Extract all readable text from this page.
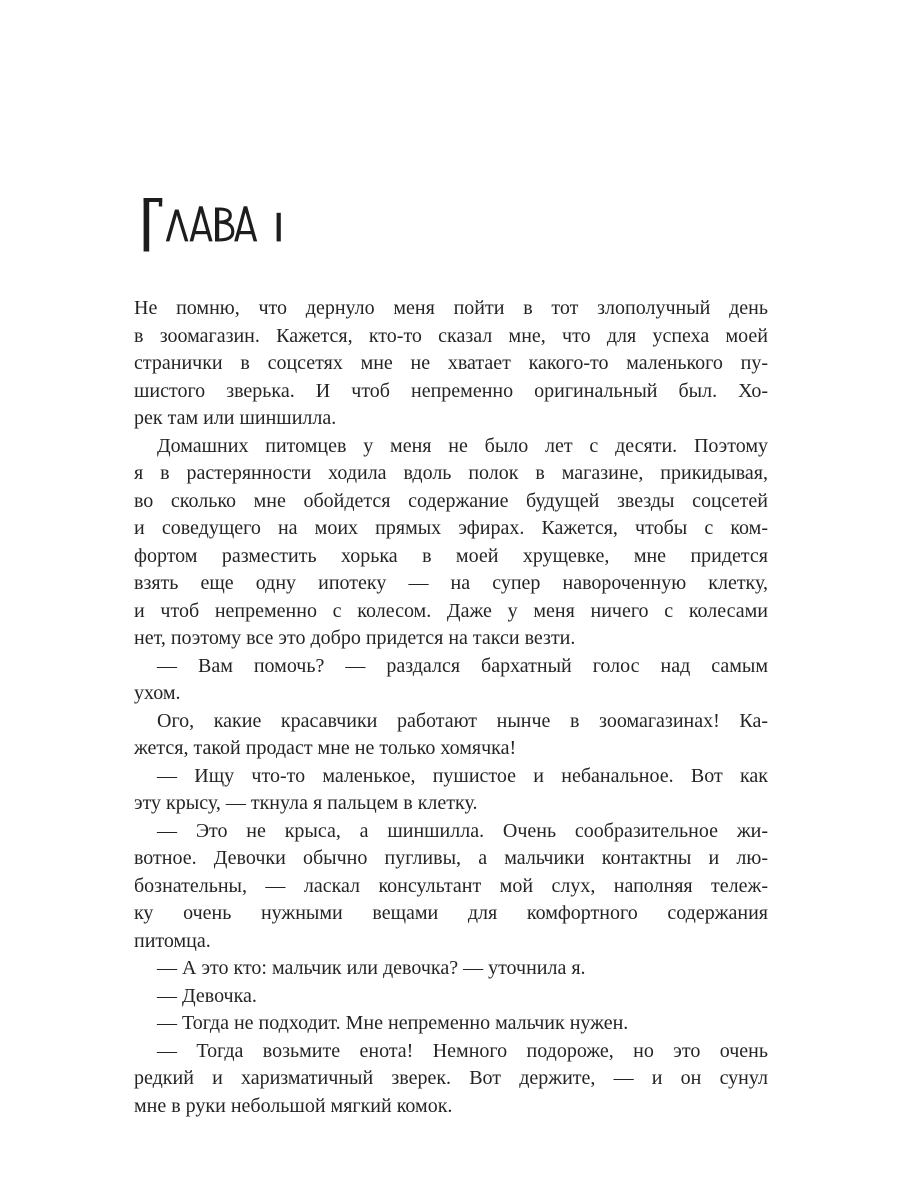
Не помню, что дернуло меня пойти в тот злополучный день
в зоомагазин. Кажется, кто-то сказал мне, что для успеха моей
странички в соцсетях мне не хватает какого-то маленького пу-
шистого зверька. И чтоб непременно оригинальный был. Хо-
рек там или шиншилла.
Домашних питомцев у меня не было лет с десяти. Поэтому
я в растерянности ходила вдоль полок в магазине, прикидывая,
во сколько мне обойдется содержание будущей звезды соцсетей
и соведущего на моих прямых эфирах. Кажется, чтобы с ком-
фортом разместить хорька в моей хрущевке, мне придется
взять еще одну ипотеку — на супер навороченную клетку,
и чтоб непременно с колесом. Даже у меня ничего с колесами
нет, поэтому все это добро придется на такси везти.
— Вам помочь? — раздался бархатный голос над самым
ухом.
Ого, какие красавчики работают нынче в зоомагазинах! Ка-
жется, такой продаст мне не только хомячка!
— Ищу что-то маленькое, пушистое и небанальное. Вот как
эту крысу, — ткнула я пальцем в клетку.
— Это не крыса, а шиншилла. Очень сообразительное жи-
вотное. Девочки обычно пугливы, а мальчики контактны и лю-
бознательны, — ласкал консультант мой слух, наполняя тележ-
ку очень нужными вещами для комфортного содержания
питомца.
— А это кто: мальчик или девочка? — уточнила я.
— Девочка.
— Тогда не подходит. Мне непременно мальчик нужен.
— Тогда возьмите енота! Немного подороже, но это очень
редкий и харизматичный зверек. Вот держите, — и он сунул
мне в руки небольшой мягкий комок.
